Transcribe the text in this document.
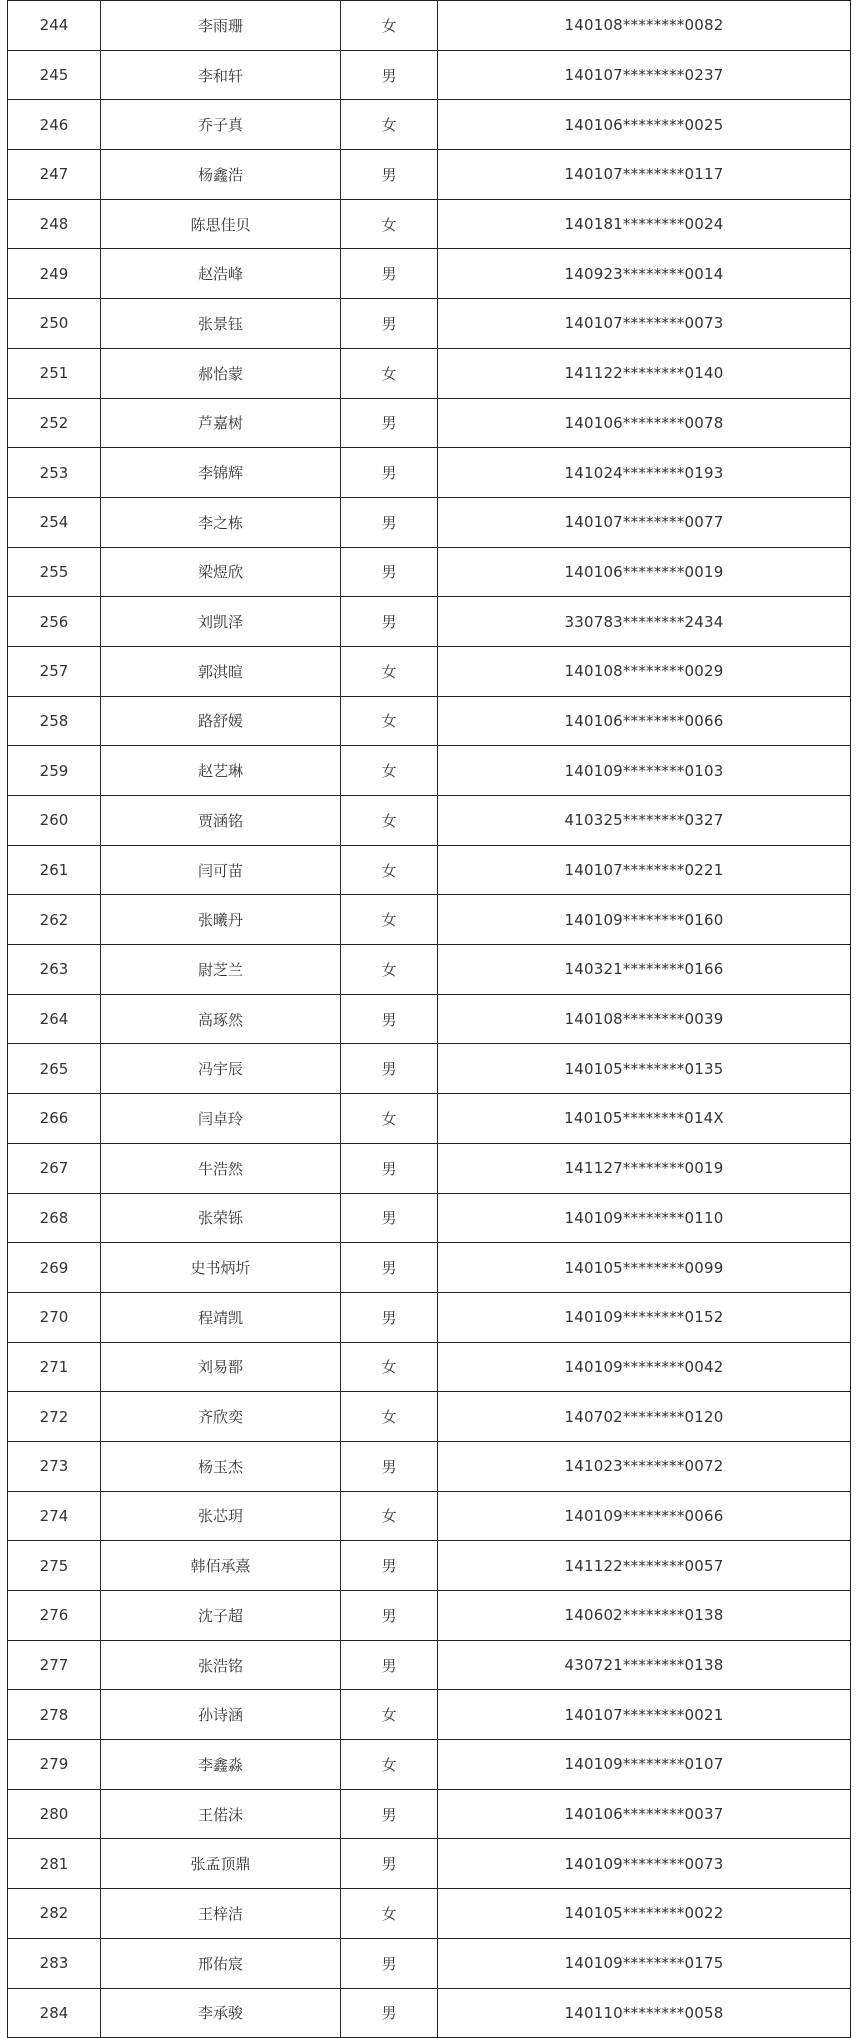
244	李雨珊	女	140108********0082
245	李和轩	男	140107********0237
246	乔子真	女	140106********0025
247	杨鑫浩	男	140107********0117
248	陈思佳贝	女	140181********0024
249	赵浩峰	男	140923********0014
250	张景钰	男	140107********0073
251	郝怡蒙	女	141122********0140
252	芦嘉树	男	140106********0078
253	李锦辉	男	141024********0193
254	李之栋	男	140107********0077
255	梁煜欣	男	140106********0019
256	刘凯泽	男	330783********2434
257	郭淇暄	女	140108********0029
258	路舒媛	女	140106********0066
259	赵艺琳	女	140109********0103
260	贾涵铭	女	410325********0327
261	闫可苗	女	140107********0221
262	张曦丹	女	140109********0160
263	尉芝兰	女	140321********0166
264	高琢然	男	140108********0039
265	冯宇辰	男	140105********0135
266	闫卓玲	女	140105********014X
267	牛浩然	男	141127********0019
268	张荣铄	男	140109********0110
269	史书炳圻	男	140105********0099
270	程靖凯	男	140109********0152
271	刘易鄑	女	140109********0042
272	齐欣奕	女	140702********0120
273	杨玉杰	男	141023********0072
274	张芯玥	女	140109********0066
275	韩佰承熹	男	141122********0057
276	沈子超	男	140602********0138
277	张浩铭	男	430721********0138
278	孙诗涵	女	140107********0021
279	李鑫淼	女	140109********0107
280	王偌沫	男	140106********0037
281	张孟顶鼎	男	140109********0073
282	王梓洁	女	140105********0022
283	邢佑宸	男	140109********0175
284	李承骏	男	140110********0058
